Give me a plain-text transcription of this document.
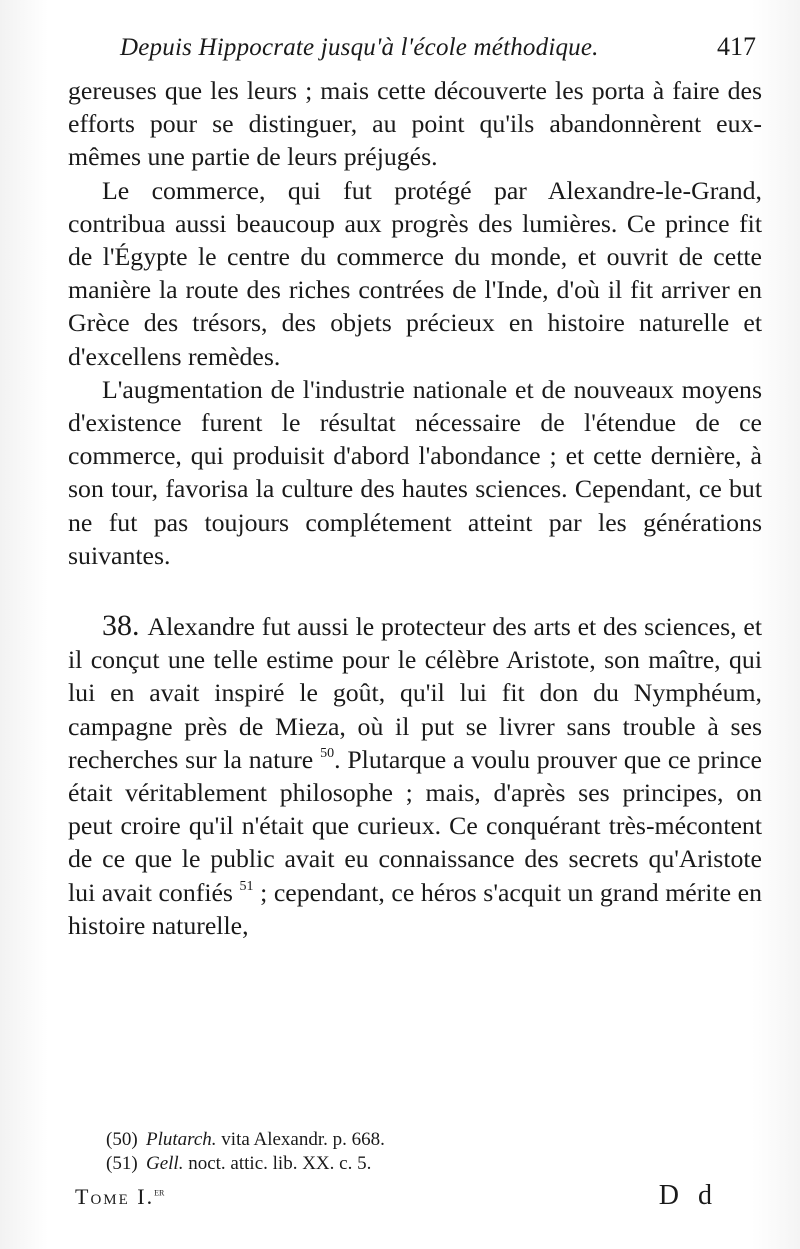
Depuis Hippocrate jusqu'à l'école méthodique.	417

gereuses que les leurs ; mais cette découverte les porta à faire des efforts pour se distinguer, au point qu'ils abandonnèrent eux-mêmes une partie de leurs préjugés.

Le commerce, qui fut protégé par Alexandre-le-Grand, contribua aussi beaucoup aux progrès des lumières. Ce prince fit de l'Égypte le centre du commerce du monde, et ouvrit de cette manière la route des riches contrées de l'Inde, d'où il fit arriver en Grèce des trésors, des objets précieux en histoire naturelle et d'excellens remèdes.

L'augmentation de l'industrie nationale et de nouveaux moyens d'existence furent le résultat nécessaire de l'étendue de ce commerce, qui produisit d'abord l'abondance ; et cette dernière, à son tour, favorisa la culture des hautes sciences. Cependant, ce but ne fut pas toujours complétement atteint par les générations suivantes.

38. Alexandre fut aussi le protecteur des arts et des sciences, et il conçut une telle estime pour le célèbre Aristote, son maître, qui lui en avait inspiré le goût, qu'il lui fit don du Nymphéum, campagne près de Mieza, où il put se livrer sans trouble à ses recherches sur la nature $^{50}$. Plutarque a voulu prouver que ce prince était véritablement philosophe ; mais, d'après ses principes, on peut croire qu'il n'était que curieux. Ce conquérant très-mécontent de ce que le public avait eu connaissance des secrets qu'Aristote lui avait confiés $^{51}$ ; cependant, ce héros s'acquit un grand mérite en histoire naturelle,

(50) Plutarch. vita Alexandr. p. 668.
(51) Gell. noct. attic. lib. XX. c. 5.
Tome I.$^{er}$	D d
